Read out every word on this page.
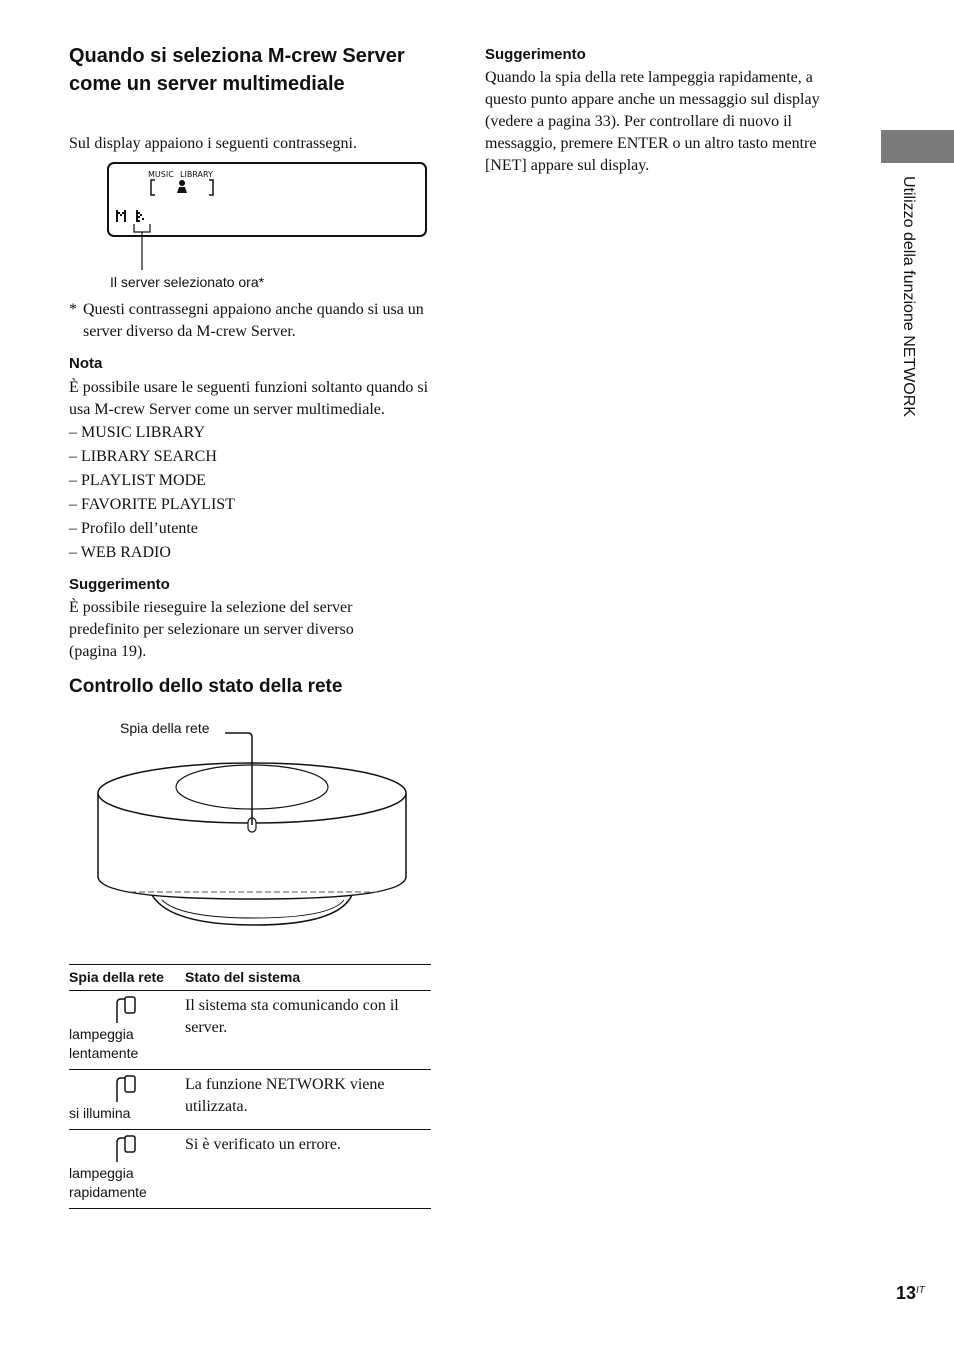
Quando si seleziona M-crew Server come un server multimediale
Sul display appaiono i seguenti contrassegni.
MUSIC LIBRARY
Il server selezionato ora*
* Questi contrassegni appaiono anche quando si usa un server diverso da M-crew Server.
Nota
È possibile usare le seguenti funzioni soltanto quando si usa M-crew Server come un server multimediale.
– MUSIC LIBRARY
– LIBRARY SEARCH
– PLAYLIST MODE
– FAVORITE PLAYLIST
– Profilo dell’utente
– WEB RADIO
Suggerimento
È possibile rieseguire la selezione del server predefinito per selezionare un server diverso (pagina 19).
Controllo dello stato della rete
Spia della rete
Spia della rete	Stato del sistema

lampeggia lentamente	Il sistema sta comunicando con il server.

si illumina	La funzione NETWORK viene utilizzata.

lampeggia rapidamente	Si è verificato un errore.
Suggerimento
Quando la spia della rete lampeggia rapidamente, a questo punto appare anche un messaggio sul display (vedere a pagina 33). Per controllare di nuovo il messaggio, premere ENTER o un altro tasto mentre [NET] appare sul display.
Utilizzo della funzione NETWORK
$13^{IT}$
